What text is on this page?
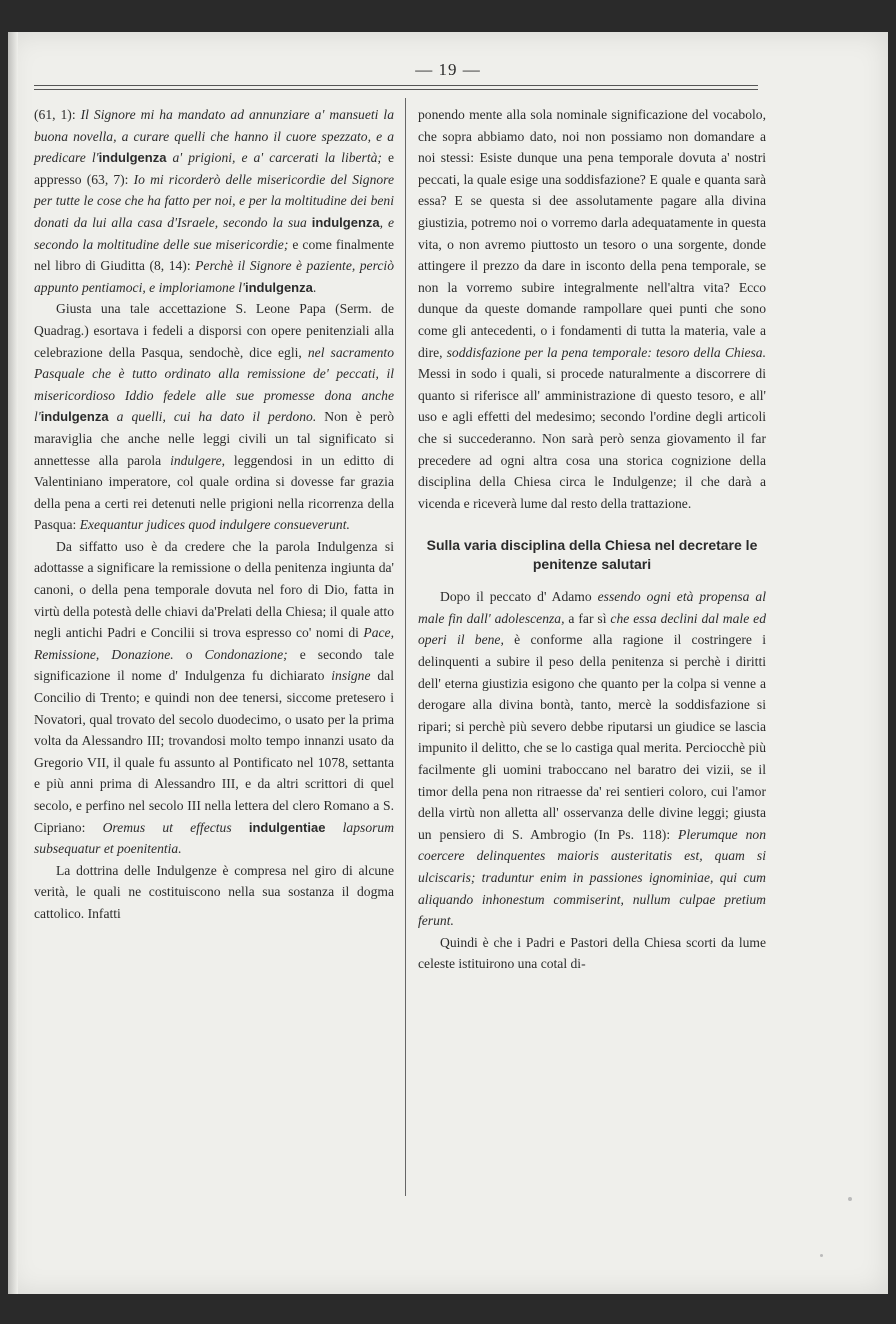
— 19 —

(61, 1): Il Signore mi ha mandato ad annunziare a' mansueti la buona novella, a curare quelli che hanno il cuore spezzato, e a predicare l'indulgenza a' prigioni, e a' carcerati la libertà; e appresso (63, 7): Io mi ricorderò delle misericordie del Signore per tutte le cose che ha fatto per noi, e per la moltitudine dei beni donati da lui alla casa d'Israele, secondo la sua indulgenza, e secondo la moltitudine delle sue misericordie; e come finalmente nel libro di Giuditta (8, 14): Perchè il Signore è paziente, perciò appunto pentiamoci, e imploriamone l'indulgenza.

Giusta una tale accettazione S. Leone Papa (Serm. de Quadrag.) esortava i fedeli a disporsi con opere penitenziali alla celebrazione della Pasqua, sendochè, dice egli, nel sacramento Pasquale che è tutto ordinato alla remissione de' peccati, il misericordioso Iddio fedele alle sue promesse dona anche l'indulgenza a quelli, cui ha dato il perdono. Non è però maraviglia che anche nelle leggi civili un tal significato si annettesse alla parola indulgere, leggendosi in un editto di Valentiniano imperatore, col quale ordina si dovesse far grazia della pena a certi rei detenuti nelle prigioni nella ricorrenza della Pasqua: Exequantur judices quod indulgere consueverunt.

Da siffatto uso è da credere che la parola Indulgenza si adottasse a significare la remissione o della penitenza ingiunta da' canoni, o della pena temporale dovuta nel foro di Dio, fatta in virtù della potestà delle chiavi da'Prelati della Chiesa; il quale atto negli antichi Padri e Concilii si trova espresso co' nomi di Pace, Remissione, Donazione. o Condonazione; e secondo tale significazione il nome d' Indulgenza fu dichiarato insigne dal Concilio di Trento; e quindi non dee tenersi, siccome pretesero i Novatori, qual trovato del secolo duodecimo, o usato per la prima volta da Alessandro III; trovandosi molto tempo innanzi usato da Gregorio VII, il quale fu assunto al Pontificato nel 1078, settanta e più anni prima di Alessandro III, e da altri scrittori di quel secolo, e perfino nel secolo III nella lettera del clero Romano a S. Cipriano: Oremus ut effectus indulgentiae lapsorum subsequatur et poenitentia.

La dottrina delle Indulgenze è compresa nel giro di alcune verità, le quali ne costituiscono nella sua sostanza il dogma cattolico. Infatti

ponendo mente alla sola nominale significazione del vocabolo, che sopra abbiamo dato, noi non possiamo non domandare a noi stessi: Esiste dunque una pena temporale dovuta a' nostri peccati, la quale esige una soddisfazione? E quale e quanta sarà essa? E se questa si dee assolutamente pagare alla divina giustizia, potremo noi o vorremo darla adequatamente in questa vita, o non avremo piuttosto un tesoro o una sorgente, donde attingere il prezzo da dare in isconto della pena temporale, se non la vorremo subire integralmente nell'altra vita? Ecco dunque da queste domande rampollare quei punti che sono come gli antecedenti, o i fondamenti di tutta la materia, vale a dire, soddisfazione per la pena temporale: tesoro della Chiesa. Messi in sodo i quali, si procede naturalmente a discorrere di quanto si riferisce all' amministrazione di questo tesoro, e all' uso e agli effetti del medesimo; secondo l'ordine degli articoli che si succederanno. Non sarà però senza giovamento il far precedere ad ogni altra cosa una storica cognizione della disciplina della Chiesa circa le Indulgenze; il che darà a vicenda e riceverà lume dal resto della trattazione.

Sulla varia disciplina della Chiesa nel decretare le penitenze salutari

Dopo il peccato d' Adamo essendo ogni età propensa al male fin dall' adolescenza, a far sì che essa declini dal male ed operi il bene, è conforme alla ragione il costringere i delinquenti a subire il peso della penitenza si perchè i diritti dell' eterna giustizia esigono che quanto per la colpa si venne a derogare alla divina bontà, tanto, mercè la soddisfazione si ripari; si perchè più severo debbe riputarsi un giudice se lascia impunito il delitto, che se lo castiga qual merita. Perciocchè più facilmente gli uomini traboccano nel baratro dei vizii, se il timor della pena non ritraesse da' rei sentieri coloro, cui l'amor della virtù non alletta all' osservanza delle divine leggi; giusta un pensiero di S. Ambrogio (In Ps. 118): Plerumque non coercere delinquentes maioris austeritatis est, quam si ulciscaris; traduntur enim in passiones ignominiae, qui cum aliquando inhonestum commiserint, nullum culpae pretium ferunt.

Quindi è che i Padri e Pastori della Chiesa scorti da lume celeste istituirono una cotal di-
